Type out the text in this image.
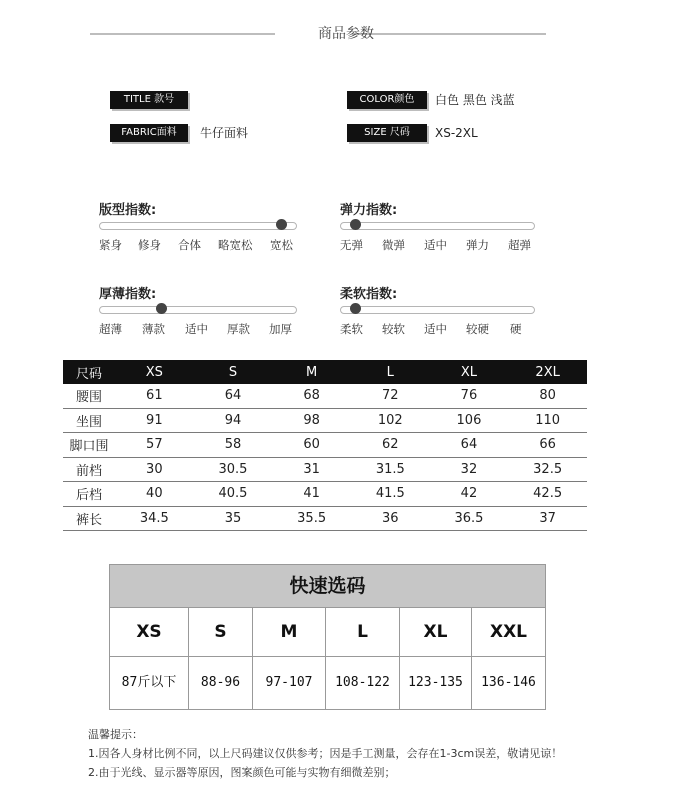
商品参数
TITLE 款号	COLOR颜色	白色 黑色 浅蓝
FABRIC面料	牛仔面料	SIZE 尺码	XS-2XL
版型指数:
紧身 修身 合体 略宽松 宽松
弹力指数:
无弹 微弹 适中 弹力 超弹
厚薄指数:
超薄 薄款 适中 厚款 加厚
柔软指数:
柔软 较软 适中 较硬 硬
尺码	XS	S	M	L	XL	2XL
腰围	61	64	68	72	76	80
坐围	91	94	98	102	106	110
脚口围	57	58	60	62	64	66
前档	30	30.5	31	31.5	32	32.5
后档	40	40.5	41	41.5	42	42.5
裤长	34.5	35	35.5	36	36.5	37
快速选码
XS	S	M	L	XL	XXL
87斤以下	88-96	97-107	108-122	123-135	136-146
温馨提示：
1.因各人身材比例不同，以上尺码建议仅供参考；因是手工测量，会存在1-3cm误差，敬请见谅！
2.由于光线、显示器等原因，图案颜色可能与实物有细微差别；
